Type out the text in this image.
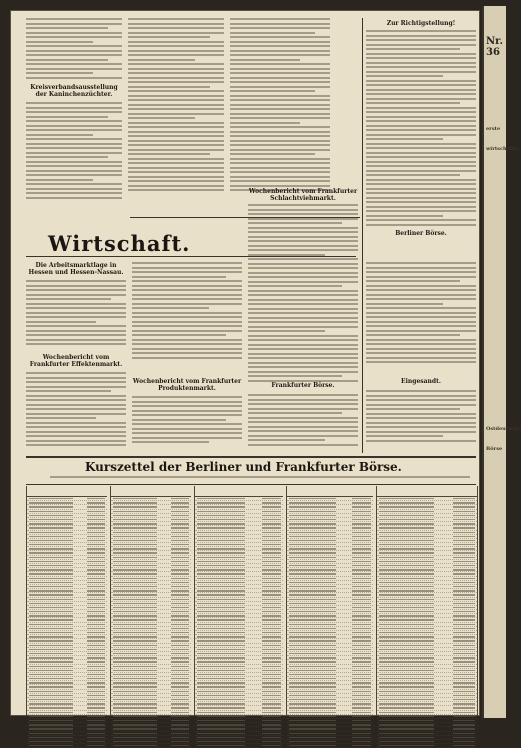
Kreisverbandsausstellung der Kaninchenzüchter.
Zur Richtigstellung!
Berliner Börse.
Wirtschaft.
Die Arbeitsmarktlage in Hessen und Hessen-Nassau.
Wochenbericht vom Frankfurter Effektenmarkt.
Wochenbericht vom Frankfurter Produktenmarkt.
Wochenbericht vom Frankfurter Schlachtviehmarkt.
Frankfurter Börse.
Eingesandt.
Kurszettel der Berliner und Frankfurter Börse.
Nr. 36
erste
wirtschafts-
Ostdeutsche
Börse
